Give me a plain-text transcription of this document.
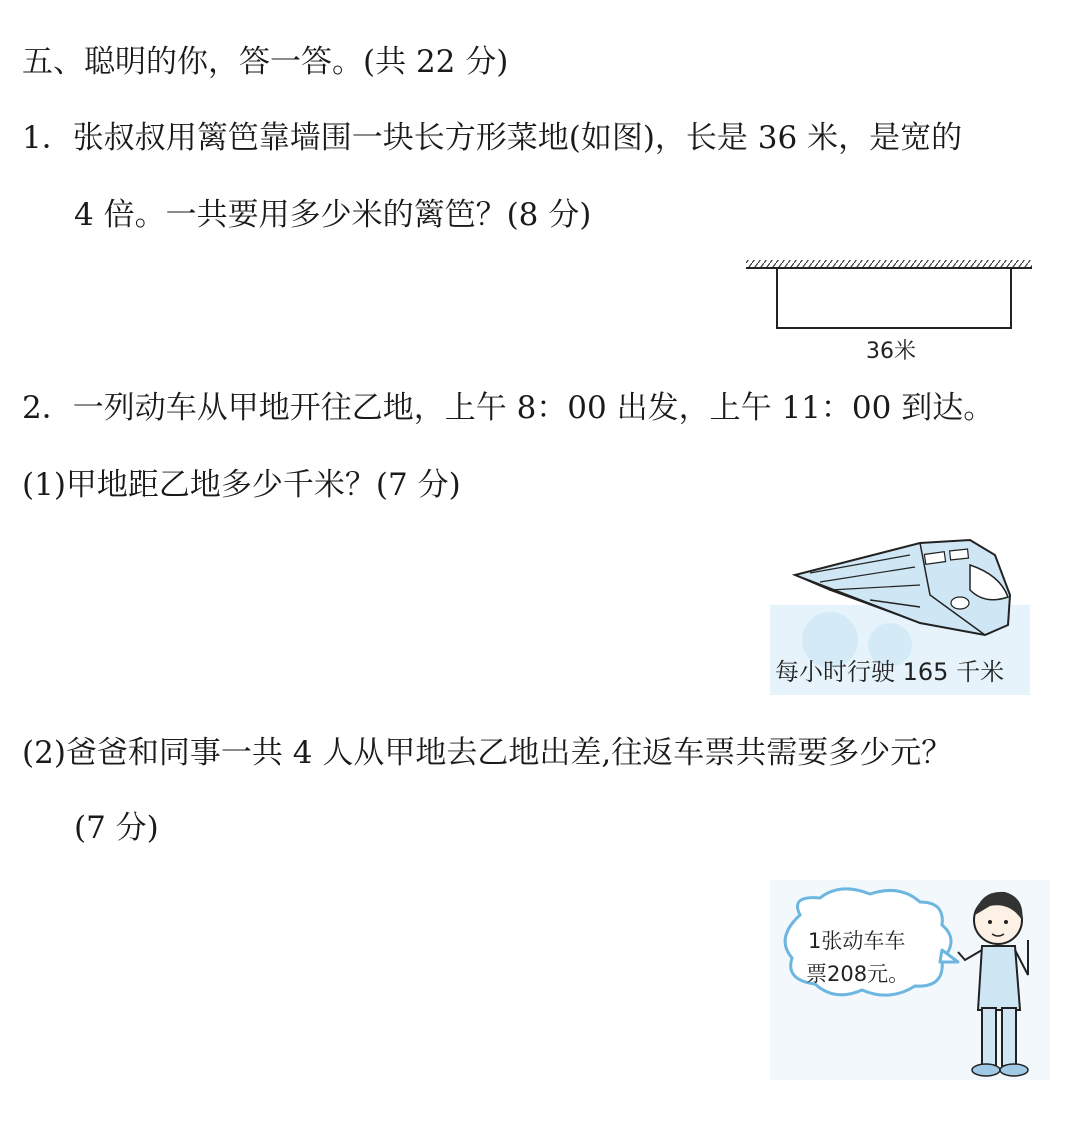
五、聪明的你，答一答。(共 22 分)
1．张叔叔用篱笆靠墙围一块长方形菜地(如图)，长是 36 米，是宽的
4 倍。一共要用多少米的篱笆？(8 分)
36米
2．一列动车从甲地开往乙地，上午 8：00 出发，上午 11：00 到达。
(1)甲地距乙地多少千米？(7 分)
每小时行驶 165 千米
(2)爸爸和同事一共 4 人从甲地去乙地出差,往返车票共需要多少元？
(7 分)
1张动车车
票208元。
